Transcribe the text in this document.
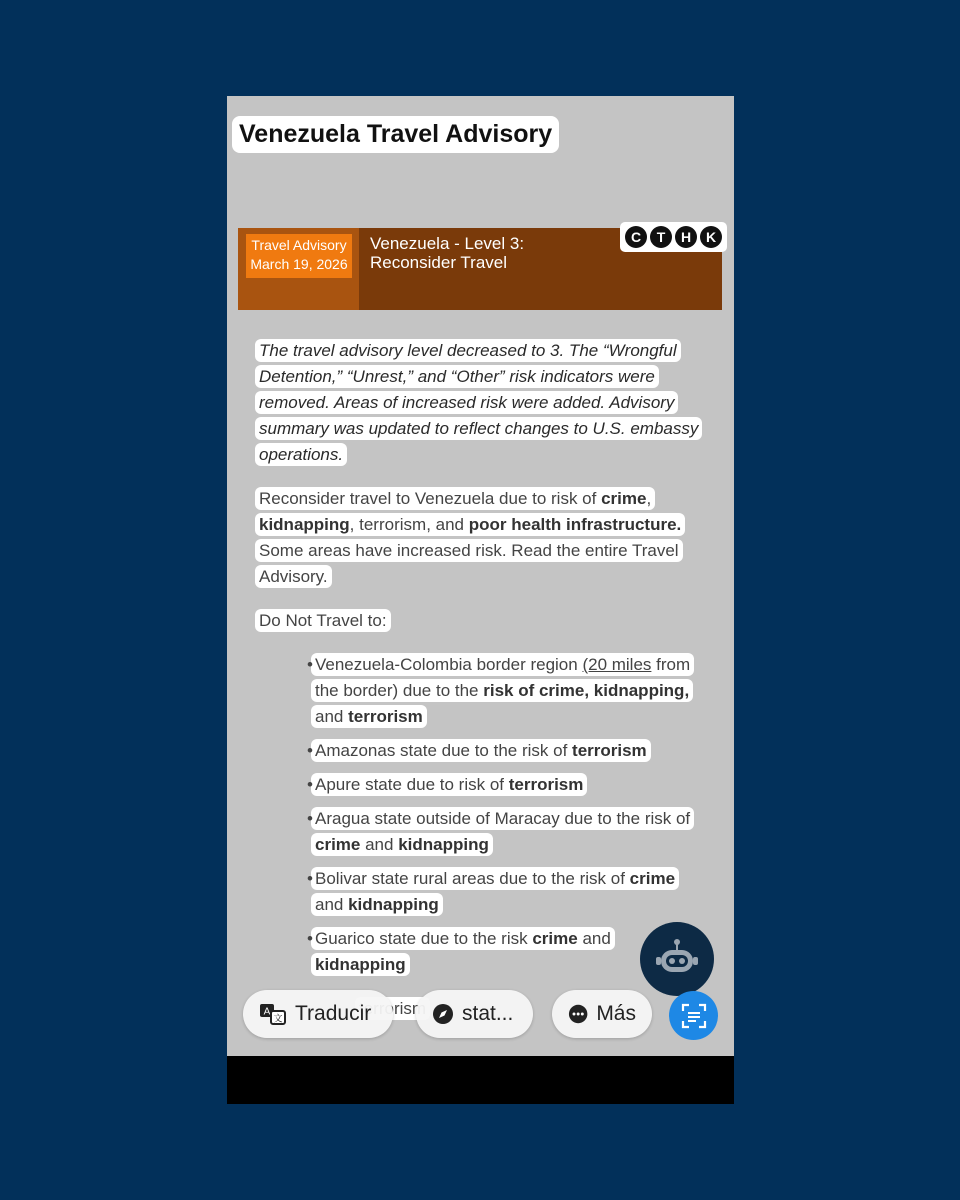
Venezuela Travel Advisory
Travel Advisory
March 19, 2026
Venezuela - Level 3:
Reconsider Travel
C	T	H	K

The travel advisory level decreased to 3. The “Wrongful Detention,” “Unrest,” and “Other” risk indicators were removed. Areas of increased risk were added. Advisory summary was updated to reflect changes to U.S. embassy operations.

Reconsider travel to Venezuela due to risk of crime, kidnapping, terrorism, and poor health infrastructure. Some areas have increased risk. Read the entire Travel Advisory.

Do Not Travel to:

• Venezuela-Colombia border region (20 miles from the border) due to the risk of crime, kidnapping, and terrorism
• Amazonas state due to the risk of terrorism
• Apure state due to risk of terrorism
• Aragua state outside of Maracay due to the risk of crime and kidnapping
• Bolivar state rural areas due to the risk of crime and kidnapping
• Guarico state due to the risk crime and kidnapping
A
文 Traducir	stat...	Más
